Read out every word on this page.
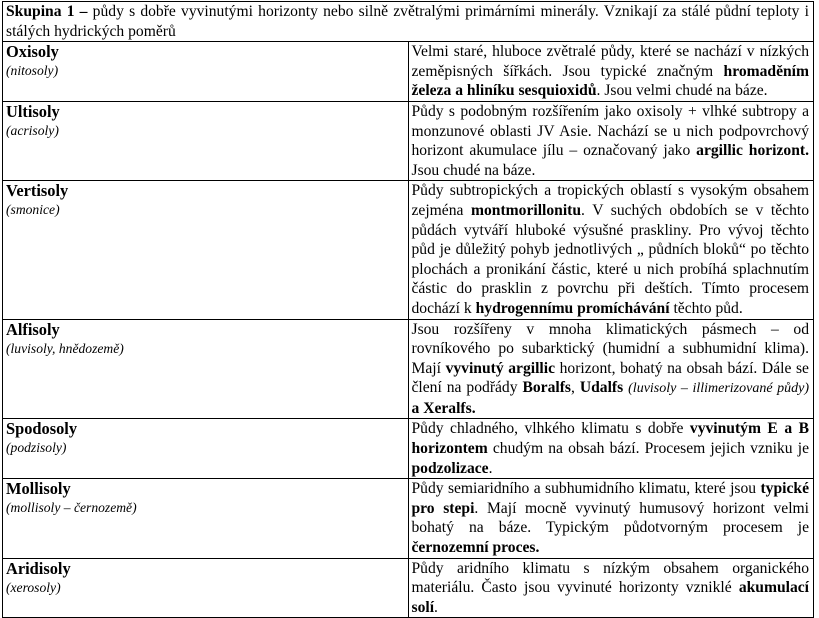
Skupina 1 – půdy s dobře vyvinutými horizonty nebo silně zvětralými primárními minerály. Vznikají za stálé půdní teploty i stálých hydrických poměrů	

Oxisoly
(nitosoly)	Velmi staré, hluboce zvětralé půdy, které se nachází v nízkých zeměpisných šířkách. Jsou typické značným hromaděním železa a hliníku sesquioxidů. Jsou velmi chudé na báze.

Ultisoly
(acrisoly)	Půdy s podobným rozšířením jako oxisoly + vlhké subtropy a monzunové oblasti JV Asie. Nachází se u nich podpovrchový horizont akumulace jílu – označovaný jako argillic horizont. Jsou chudé na báze.

Vertisoly
(smonice)	Půdy subtropických a tropických oblastí s vysokým obsahem zejména montmorillonitu. V suchých obdobích se v těchto půdách vytváří hluboké výsušné praskliny. Pro vývoj těchto půd je důležitý pohyb jednotlivých „ půdních bloků“ po těchto plochách a pronikání částic, které u nich probíhá splachnutím částic do prasklin z povrchu při deštích. Tímto procesem dochází k hydrogennímu promíchávání těchto půd.

Alfisoly
(luvisoly, hnědozemě)	Jsou rozšířeny v mnoha klimatických pásmech – od rovníkového po subarktický (humidní a subhumidní klima). Mají vyvinutý argillic horizont, bohatý na obsah bází. Dále se člení na podřády Boralfs, Udalfs (luvisoly – illimerizované půdy) a Xeralfs.

Spodosoly
(podzisoly)	Půdy chladného, vlhkého klimatu s dobře vyvinutým E a B horizontem chudým na obsah bází. Procesem jejich vzniku je podzolizace.

Mollisoly
(mollisoly – černozemě)	Půdy semiaridního a subhumidního klimatu, které jsou typické pro stepi. Mají mocně vyvinutý humusový horizont velmi bohatý na báze. Typickým půdotvorným procesem je černozemní proces.

Aridisoly
(xerosoly)	Půdy aridního klimatu s nízkým obsahem organického materiálu. Často jsou vyvinuté horizonty vzniklé akumulací solí.
